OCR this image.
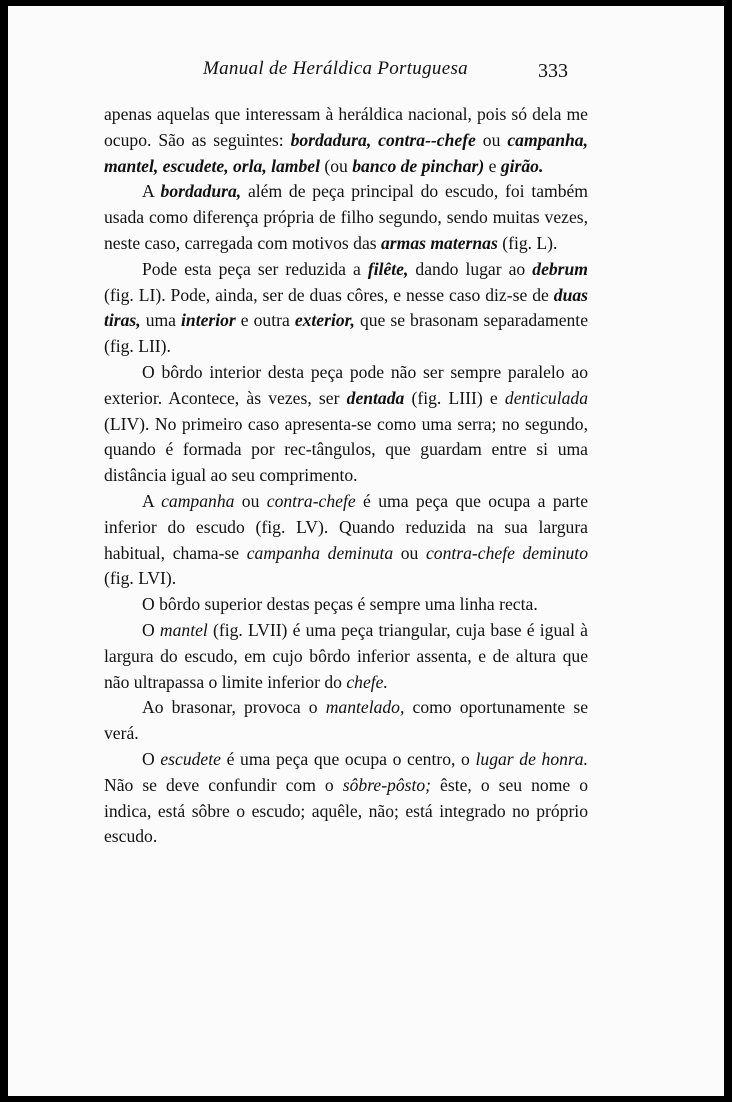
Manual de Heráldica Portuguesa	333

apenas aquelas que interessam à heráldica nacional, pois só dela me ocupo. São as seguintes: bordadura, contra--chefe ou campanha, mantel, escudete, orla, lambel (ou banco de pinchar) e girão.

A bordadura, além de peça principal do escudo, foi também usada como diferença própria de filho segundo, sendo muitas vezes, neste caso, carregada com motivos das armas maternas (fig. L).

Pode esta peça ser reduzida a filête, dando lugar ao debrum (fig. LI). Pode, ainda, ser de duas côres, e nesse caso diz-se de duas tiras, uma interior e outra exterior, que se brasonam separadamente (fig. LII).

O bôrdo interior desta peça pode não ser sempre paralelo ao exterior. Acontece, às vezes, ser dentada (fig. LIII) e denticulada (LIV). No primeiro caso apresenta-se como uma serra; no segundo, quando é formada por rec-tângulos, que guardam entre si uma distância igual ao seu comprimento.

A campanha ou contra-chefe é uma peça que ocupa a parte inferior do escudo (fig. LV). Quando reduzida na sua largura habitual, chama-se campanha deminuta ou contra-chefe deminuto (fig. LVI).

O bôrdo superior destas peças é sempre uma linha recta.

O mantel (fig. LVII) é uma peça triangular, cuja base é igual à largura do escudo, em cujo bôrdo inferior assenta, e de altura que não ultrapassa o limite inferior do chefe.

Ao brasonar, provoca o mantelado, como oportunamente se verá.

O escudete é uma peça que ocupa o centro, o lugar de honra. Não se deve confundir com o sôbre-pôsto; êste, o seu nome o indica, está sôbre o escudo; aquêle, não; está integrado no próprio escudo.
